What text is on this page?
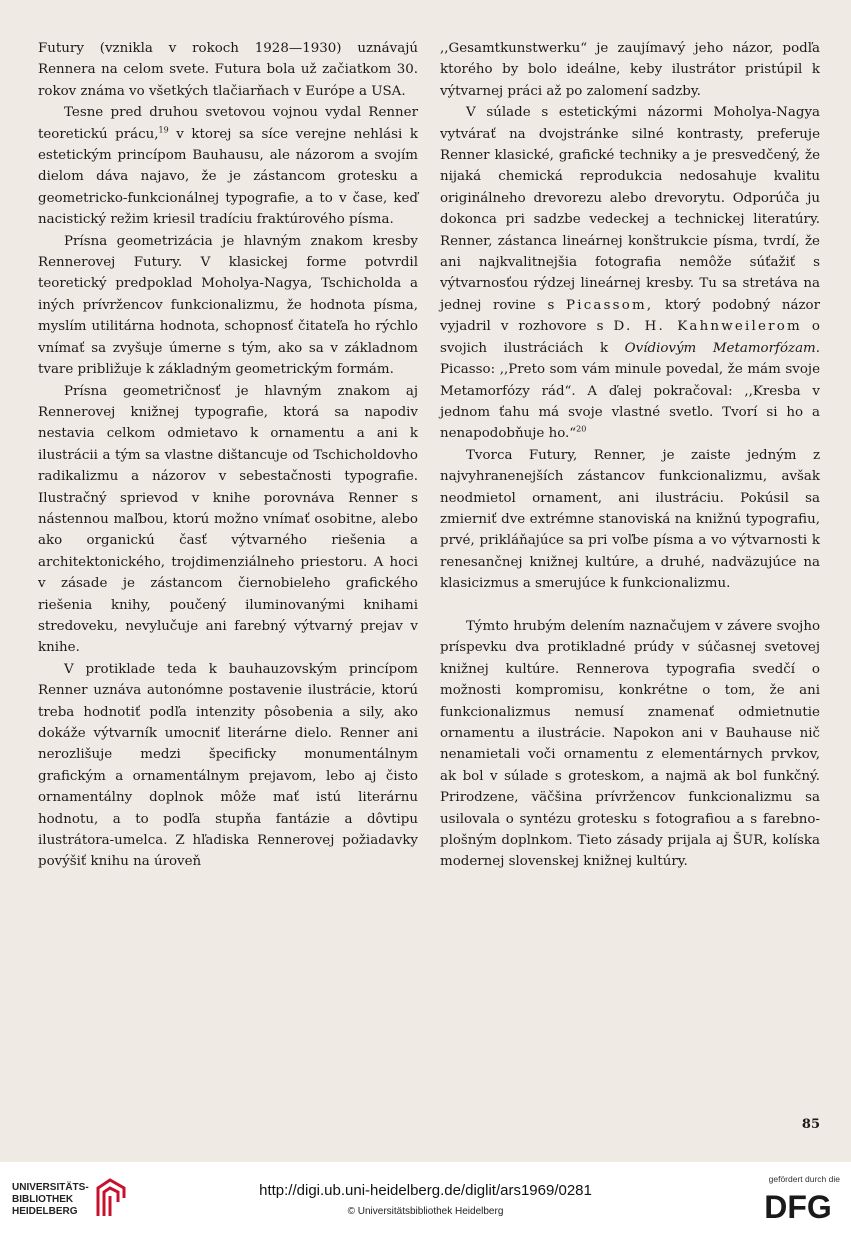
Futury (vznikla v rokoch 1928—1930) uznávajú Rennera na celom svete. Futura bola už začiatkom 30. rokov známa vo všetkých tlačiarňach v Európe a USA.

Tesne pred druhou svetovou vojnou vydal Renner teoretickú prácu,$^{19}$ v ktorej sa síce verejne nehlási k estetickým princípom Bauhausu, ale názorom a svojím dielom dáva najavo, že je zástancom grotesku a geometricko-funkcionálnej typografie, a to v čase, keď nacistický režim kriesil tradíciu fraktúrového písma.

Prísna geometrizácia je hlavným znakom kresby Rennerovej Futury. V klasickej forme potvrdil teoretický predpoklad Moholya-Nagya, Tschicholda a iných prívržencov funkcionalizmu, že hodnota písma, myslím utilitárna hodnota, schopnosť čitateľa ho rýchlo vnímať sa zvyšuje úmerne s tým, ako sa v základnom tvare približuje k základným geometrickým formám.

Prísna geometričnosť je hlavným znakom aj Rennerovej knižnej typografie, ktorá sa napodiv nestavia celkom odmietavo k ornamentu a ani k ilustrácii a tým sa vlastne dištancuje od Tschicholdovho radikalizmu a názorov v sebestačnosti typografie. Ilustračný sprievod v knihe porovnáva Renner s nástennou maľbou, ktorú možno vnímať osobitne, alebo ako organickú časť výtvarného riešenia a architektonického, trojdimenziálneho priestoru. A hoci v zásade je zástancom čiernobieleho grafického riešenia knihy, poučený iluminovanými knihami stredoveku, nevylučuje ani farebný výtvarný prejav v knihe.

V protiklade teda k bauhauzovským princípom Renner uznáva autonómne postavenie ilustrácie, ktorú treba hodnotiť podľa intenzity pôsobenia a sily, ako dokáže výtvarník umocniť literárne dielo. Renner ani nerozlišuje medzi špecificky monumentálnym grafickým a ornamentálnym prejavom, lebo aj čisto ornamentálny doplnok môže mať istú literárnu hodnotu, a to podľa stupňa fantázie a dôvtipu ilustrátora-umelca. Z hľadiska Rennerovej požiadavky povýšiť knihu na úroveň

,,Gesamtkunstwerku“ je zaujímavý jeho názor, podľa ktorého by bolo ideálne, keby ilustrátor pristúpil k výtvarnej práci až po zalomení sadzby.

V súlade s estetickými názormi Moholya-Nagya vytvárať na dvojstránke silné kontrasty, preferuje Renner klasické, grafické techniky a je presvedčený, že nijaká chemická reprodukcia nedosahuje kvalitu originálneho drevorezu alebo drevorytu. Odporúča ju dokonca pri sadzbe vedeckej a technickej literatúry. Renner, zástanca lineárnej konštrukcie písma, tvrdí, že ani najkvalitnejšia fotografia nemôže súťažiť s výtvarnosťou rýdzej lineárnej kresby. Tu sa stretáva na jednej rovine s Picassom, ktorý podobný názor vyjadril v rozhovore s D. H. Kahnweilerom o svojich ilustráciách k Ovídiovým Metamorfózam. Picasso: ,,Preto som vám minule povedal, že mám svoje Metamorfózy rád“. A ďalej pokračoval: ,,Kresba v jednom ťahu má svoje vlastné svetlo. Tvorí si ho a nenapodobňuje ho.“$^{20}$

Tvorca Futury, Renner, je zaiste jedným z najvyhranenejších zástancov funkcionalizmu, avšak neodmietol ornament, ani ilustráciu. Pokúsil sa zmierniť dve extrémne stanoviská na knižnú typografiu, prvé, prikláňajúce sa pri voľbe písma a vo výtvarnosti k renesančnej knižnej kultúre, a druhé, nadväzujúce na klasicizmus a smerujúce k funkcionalizmu.

Týmto hrubým delením naznačujem v závere svojho príspevku dva protikladné prúdy v súčasnej svetovej knižnej kultúre. Rennerova typografia svedčí o možnosti kompromisu, konkrétne o tom, že ani funkcionalizmus nemusí znamenať odmietnutie ornamentu a ilustrácie. Napokon ani v Bauhause nič nenamietali voči ornamentu z elementárnych prvkov, ak bol v súlade s groteskom, a najmä ak bol funkčný. Prirodzene, väčšina prívržencov funkcionalizmu sa usilovala o syntézu grotesku s fotografiou a s farebno-plošným doplnkom. Tieto zásady prijala aj ŠUR, kolíska modernej slovenskej knižnej kultúry.

85
UNIVERSITÄTS-
BIBLIOTHEK
HEIDELBERG
http://digi.ub.uni-heidelberg.de/diglit/ars1969/0281
© Universitätsbibliothek Heidelberg
gefördert durch die
DFG
